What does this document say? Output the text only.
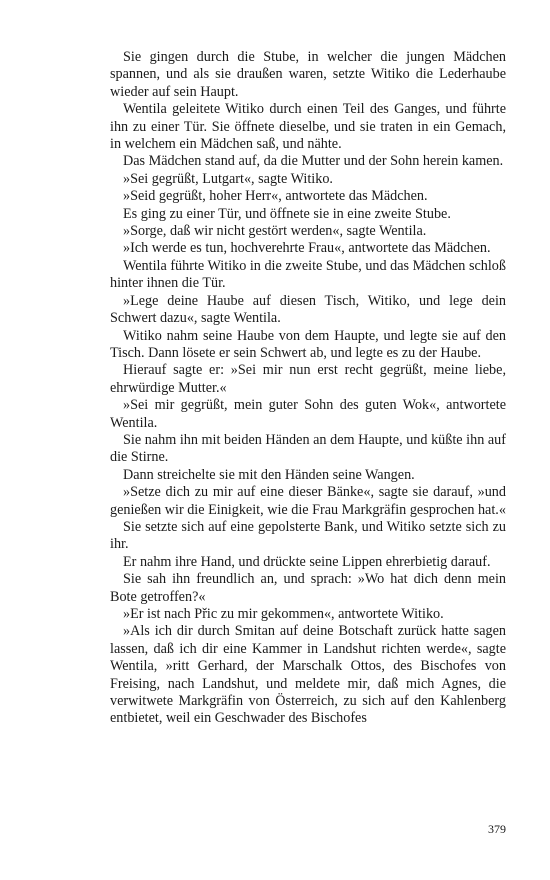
Sie gingen durch die Stube, in welcher die jungen Mädchen spannen, und als sie draußen waren, setzte Witiko die Lederhaube wieder auf sein Haupt.

Wentila geleitete Witiko durch einen Teil des Ganges, und führte ihn zu einer Tür. Sie öffnete dieselbe, und sie traten in ein Gemach, in welchem ein Mädchen saß, und nähte.

Das Mädchen stand auf, da die Mutter und der Sohn herein kamen.

»Sei gegrüßt, Lutgart«, sagte Witiko.

»Seid gegrüßt, hoher Herr«, antwortete das Mädchen.

Es ging zu einer Tür, und öffnete sie in eine zweite Stube.

»Sorge, daß wir nicht gestört werden«, sagte Wentila.

»Ich werde es tun, hochverehrte Frau«, antwortete das Mädchen.

Wentila führte Witiko in die zweite Stube, und das Mädchen schloß hinter ihnen die Tür.

»Lege deine Haube auf diesen Tisch, Witiko, und lege dein Schwert dazu«, sagte Wentila.

Witiko nahm seine Haube von dem Haupte, und legte sie auf den Tisch. Dann lösete er sein Schwert ab, und legte es zu der Haube.

Hierauf sagte er: »Sei mir nun erst recht gegrüßt, meine liebe, ehrwürdige Mutter.«

»Sei mir gegrüßt, mein guter Sohn des guten Wok«, antwortete Wentila.

Sie nahm ihn mit beiden Händen an dem Haupte, und küßte ihn auf die Stirne.

Dann streichelte sie mit den Händen seine Wangen.

»Setze dich zu mir auf eine dieser Bänke«, sagte sie darauf, »und genießen wir die Einigkeit, wie die Frau Markgräfin gesprochen hat.«

Sie setzte sich auf eine gepolsterte Bank, und Witiko setzte sich zu ihr.

Er nahm ihre Hand, und drückte seine Lippen ehrerbietig darauf.

Sie sah ihn freundlich an, und sprach: »Wo hat dich denn mein Bote getroffen?«

»Er ist nach Přic zu mir gekommen«, antwortete Witiko.

»Als ich dir durch Smitan auf deine Botschaft zurück hatte sagen lassen, daß ich dir eine Kammer in Landshut richten werde«, sagte Wentila, »ritt Gerhard, der Marschalk Ottos, des Bischofes von Freising, nach Landshut, und meldete mir, daß mich Agnes, die verwitwete Markgräfin von Österreich, zu sich auf den Kahlenberg entbietet, weil ein Geschwader des Bischofes

379
